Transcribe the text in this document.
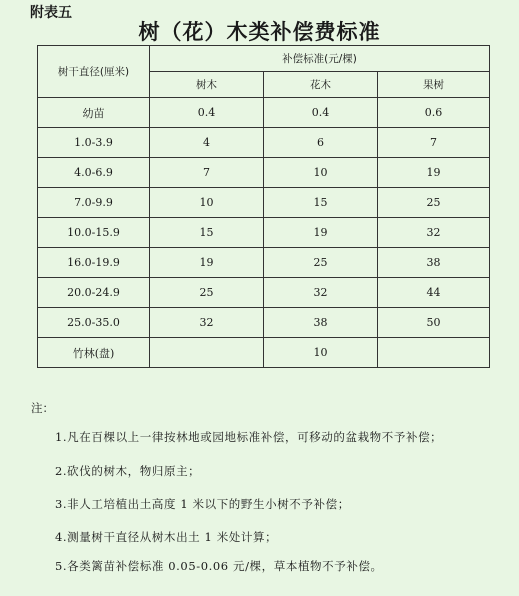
附表五
树（花）木类补偿费标准
树干直径(厘米)	补偿标准(元/棵)		
	树木	花木	果树
幼苗	0.4	0.4	0.6
1.0-3.9	4	6	7
4.0-6.9	7	10	19
7.0-9.9	10	15	25
10.0-15.9	15	19	32
16.0-19.9	19	25	38
20.0-24.9	25	32	44
25.0-35.0	32	38	50
竹林(盘)		10	
注：
1.凡在百棵以上一律按林地或园地标准补偿，可移动的盆栽物不予补偿；
2.砍伐的树木，物归原主；
3.非人工培植出土高度 1 米以下的野生小树不予补偿；
4.测量树干直径从树木出土 1 米处计算；
5.各类篱苗补偿标准 0.05-0.06 元/棵，草本植物不予补偿。
